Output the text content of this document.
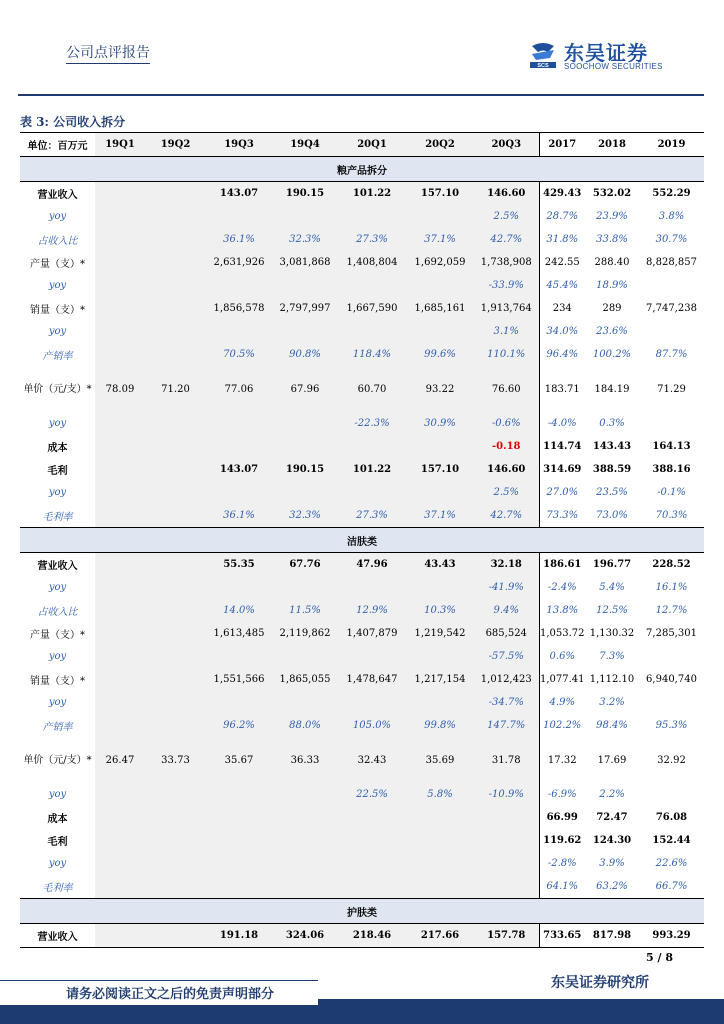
公司点评报告
SCS
东吴证券
SOOCHOW SECURITIES
表 3: 公司收入拆分
单位：百万元	19Q1	19Q2	19Q3	19Q4	20Q1	20Q2	20Q3	2017	2018	2019
粮产品拆分										
营业收入			143.07	190.15	101.22	157.10	146.60	429.43	532.02	552.29
yoy							2.5%	28.7%	23.9%	3.8%
占收入比			36.1%	32.3%	27.3%	37.1%	42.7%	31.8%	33.8%	30.7%
产量（支）*			2,631,926	3,081,868	1,408,804	1,692,059	1,738,908	242.55	288.40	8,828,857
yoy							-33.9%	45.4%	18.9%	
销量（支）*			1,856,578	2,797,997	1,667,590	1,685,161	1,913,764	234	289	7,747,238
yoy							3.1%	34.0%	23.6%	
产销率			70.5%	90.8%	118.4%	99.6%	110.1%	96.4%	100.2%	87.7%
单价（元/支）*	78.09	71.20	77.06	67.96	60.70	93.22	76.60	183.71	184.19	71.29
yoy					-22.3%	30.9%	-0.6%	-4.0%	0.3%	
成本							-0.18	114.74	143.43	164.13
毛利			143.07	190.15	101.22	157.10	146.60	314.69	388.59	388.16
yoy							2.5%	27.0%	23.5%	-0.1%
毛利率			36.1%	32.3%	27.3%	37.1%	42.7%	73.3%	73.0%	70.3%
洁肤类										
营业收入			55.35	67.76	47.96	43.43	32.18	186.61	196.77	228.52
yoy							-41.9%	-2.4%	5.4%	16.1%
占收入比			14.0%	11.5%	12.9%	10.3%	9.4%	13.8%	12.5%	12.7%
产量（支）*			1,613,485	2,119,862	1,407,879	1,219,542	685,524	1,053.72	1,130.32	7,285,301
yoy							-57.5%	0.6%	7.3%	
销量（支）*			1,551,566	1,865,055	1,478,647	1,217,154	1,012,423	1,077.41	1,112.10	6,940,740
yoy							-34.7%	4.9%	3.2%	
产销率			96.2%	88.0%	105.0%	99.8%	147.7%	102.2%	98.4%	95.3%
单价（元/支）*	26.47	33.73	35.67	36.33	32.43	35.69	31.78	17.32	17.69	32.92
yoy					22.5%	5.8%	-10.9%	-6.9%	2.2%	
成本								66.99	72.47	76.08
毛利								119.62	124.30	152.44
yoy								-2.8%	3.9%	22.6%
毛利率								64.1%	63.2%	66.7%
护肤类										
营业收入			191.18	324.06	218.46	217.66	157.78	733.65	817.98	993.29
5 / 8
请务必阅读正文之后的免责声明部分
东吴证券研究所
